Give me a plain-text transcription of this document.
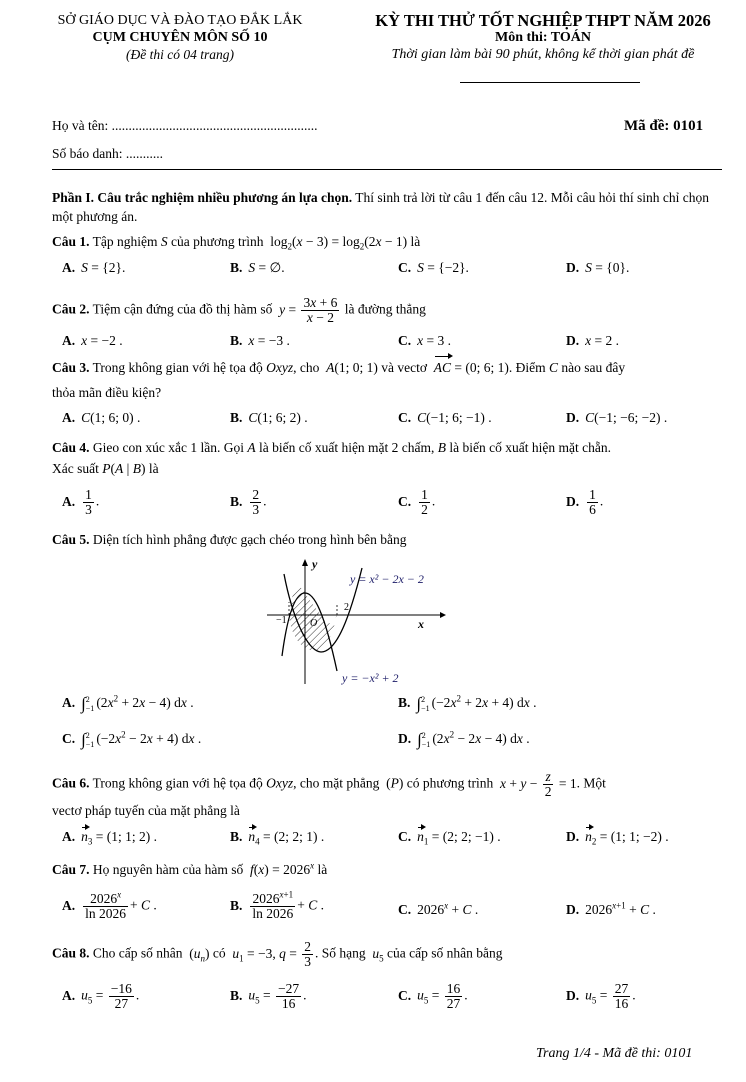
SỞ GIÁO DỤC VÀ ĐÀO TẠO ĐẮK LẮK
CỤM CHUYÊN MÔN SỐ 10
(Đề thi có 04 trang)
KỲ THI THỬ TỐT NGHIỆP THPT NĂM 2026
Môn thi: TOÁN
Thời gian làm bài 90 phút, không kể thời gian phát đề
Họ và tên: .............................................................	Mã đề: 0101
Số báo danh: ...........
Phần I. Câu trắc nghiệm nhiều phương án lựa chọn. Thí sinh trả lời từ câu 1 đến câu 12. Mỗi câu hỏi thí sinh chỉ chọn một phương án.
Câu 1. Tập nghiệm S của phương trình  $\log_2(x - 3) = \log_2(2x - 1)$ là
A. S = {2}.	B. S = ∅.	C. S = {−2}.	D. S = {0}.
Câu 2. Tiệm cận đứng của đồ thị hàm số $y = \frac{3x + 6}{x - 2}$ là đường thẳng
A. x = −2 .	B. x = −3 .	C. x = 3 .	D. x = 2 .
Câu 3. Trong không gian với hệ tọa độ Oxyz, cho A(1; 0; 1) và vectơ AC = (0; 6; 1). Điểm C nào sau đây
thỏa mãn điều kiện?
A. C(1; 6; 0) .	B. C(1; 6; 2) .	C. C(−1; 6; −1) .	D. C(−1; −6; −2) .
Câu 4. Gieo con xúc xắc 1 lần. Gọi A là biến cố xuất hiện mặt 2 chấm, B là biến cố xuất hiện mặt chẵn.
Xác suất P(A | B) là
A. $\frac{1}{3}$ .	B. $\frac{2}{3}$ .	C. $\frac{1}{2}$ .	D. $\frac{1}{6}$ .
Câu 5. Diện tích hình phẳng được gạch chéo trong hình bên bằng
y
x
O
−1
2
y = x² − 2x − 2
y = −x² + 2
A. ∫ 2
−1 $(2x^2 + 2x - 4)$ dx .	B. ∫ 2
−1 $(-2x^2 + 2x + 4)$ dx .
C. ∫ 2
−1 $(-2x^2 - 2x + 4)$ dx .	D. ∫ 2
−1 $(2x^2 - 2x - 4)$ dx .
Câu 6. Trong không gian với hệ tọa độ Oxyz, cho mặt phẳng  (P) có phương trình $x + y - \frac{z}{2} = 1$. Một
vectơ pháp tuyến của mặt phẳng là
A. $n_3 = (1$; 1; 2) .	B. $n_4 = (2$; 2; 1) .	C. $n_1 = (2$; 2; −1) .	D. $n_2 = (1$; 1; −2) .
Câu 7. Họ nguyên hàm của hàm số $f(x) = 2026^x$ là
A. $\frac{2026^x}{\ln 2026} + C$ .	B. $\frac{2026^{x+1}}{\ln 2026} + C$ .	C. $2026^x + C$ .	D. $2026^{x+1} + C$ .
Câu 8. Cho cấp số nhân  $(u_n)$ có $u_1 = -3$, $q = \frac{2}{3}$ . Số hạng $u_5$ của cấp số nhân bằng
A. $u_5 = \frac{-16}{27}$ .	B. $u_5 = \frac{-27}{16}$ .	C. $u_5 = \frac{16}{27}$ .	D. $u_5 = \frac{27}{16}$ .
Trang 1/4 - Mã đề thi: 0101
